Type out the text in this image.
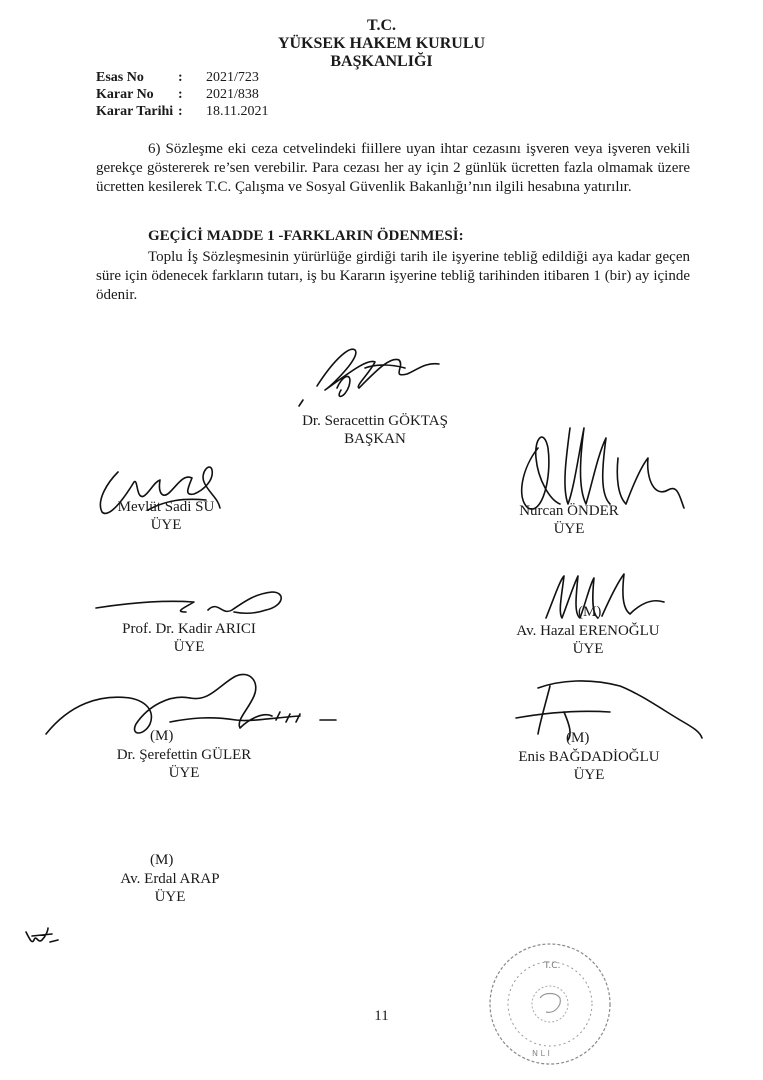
T.C.
YÜKSEK HAKEM KURULU
BAŞKANLIĞI
Esas No : 2021/723
Karar No : 2021/838
Karar Tarihi : 18.11.2021
6) Sözleşme eki ceza cetvelindeki fiillere uyan ihtar cezasını işveren veya işveren vekili gerekçe göstererek re’sen verebilir. Para cezası her ay için 2 günlük ücretten fazla olmamak üzere ücretten kesilerek T.C. Çalışma ve Sosyal Güvenlik Bakanlığı’nın ilgili hesabına yatırılır.
GEÇİCİ MADDE 1 -FARKLARIN ÖDENMESİ:
Toplu İş Sözleşmesinin yürürlüğe girdiği tarih ile işyerine tebliğ edildiği aya kadar geçen süre için ödenecek farkların tutarı, iş bu Kararın işyerine tebliğ tarihinden itibaren 1 (bir) ay içinde ödenir.
Dr. Seracettin GÖKTAŞ
BAŞKAN
Mevlüt Sadi SU
ÜYE
Nurcan ÖNDER
ÜYE
Prof. Dr. Kadir ARICI
ÜYE
(M)
Av. Hazal ERENOĞLU
ÜYE
(M)
Dr. Şerefettin GÜLER
ÜYE
(M)
Enis BAĞDADİOĞLU
ÜYE
(M)
Av. Erdal ARAP
ÜYE
11
T.C.
N L I
